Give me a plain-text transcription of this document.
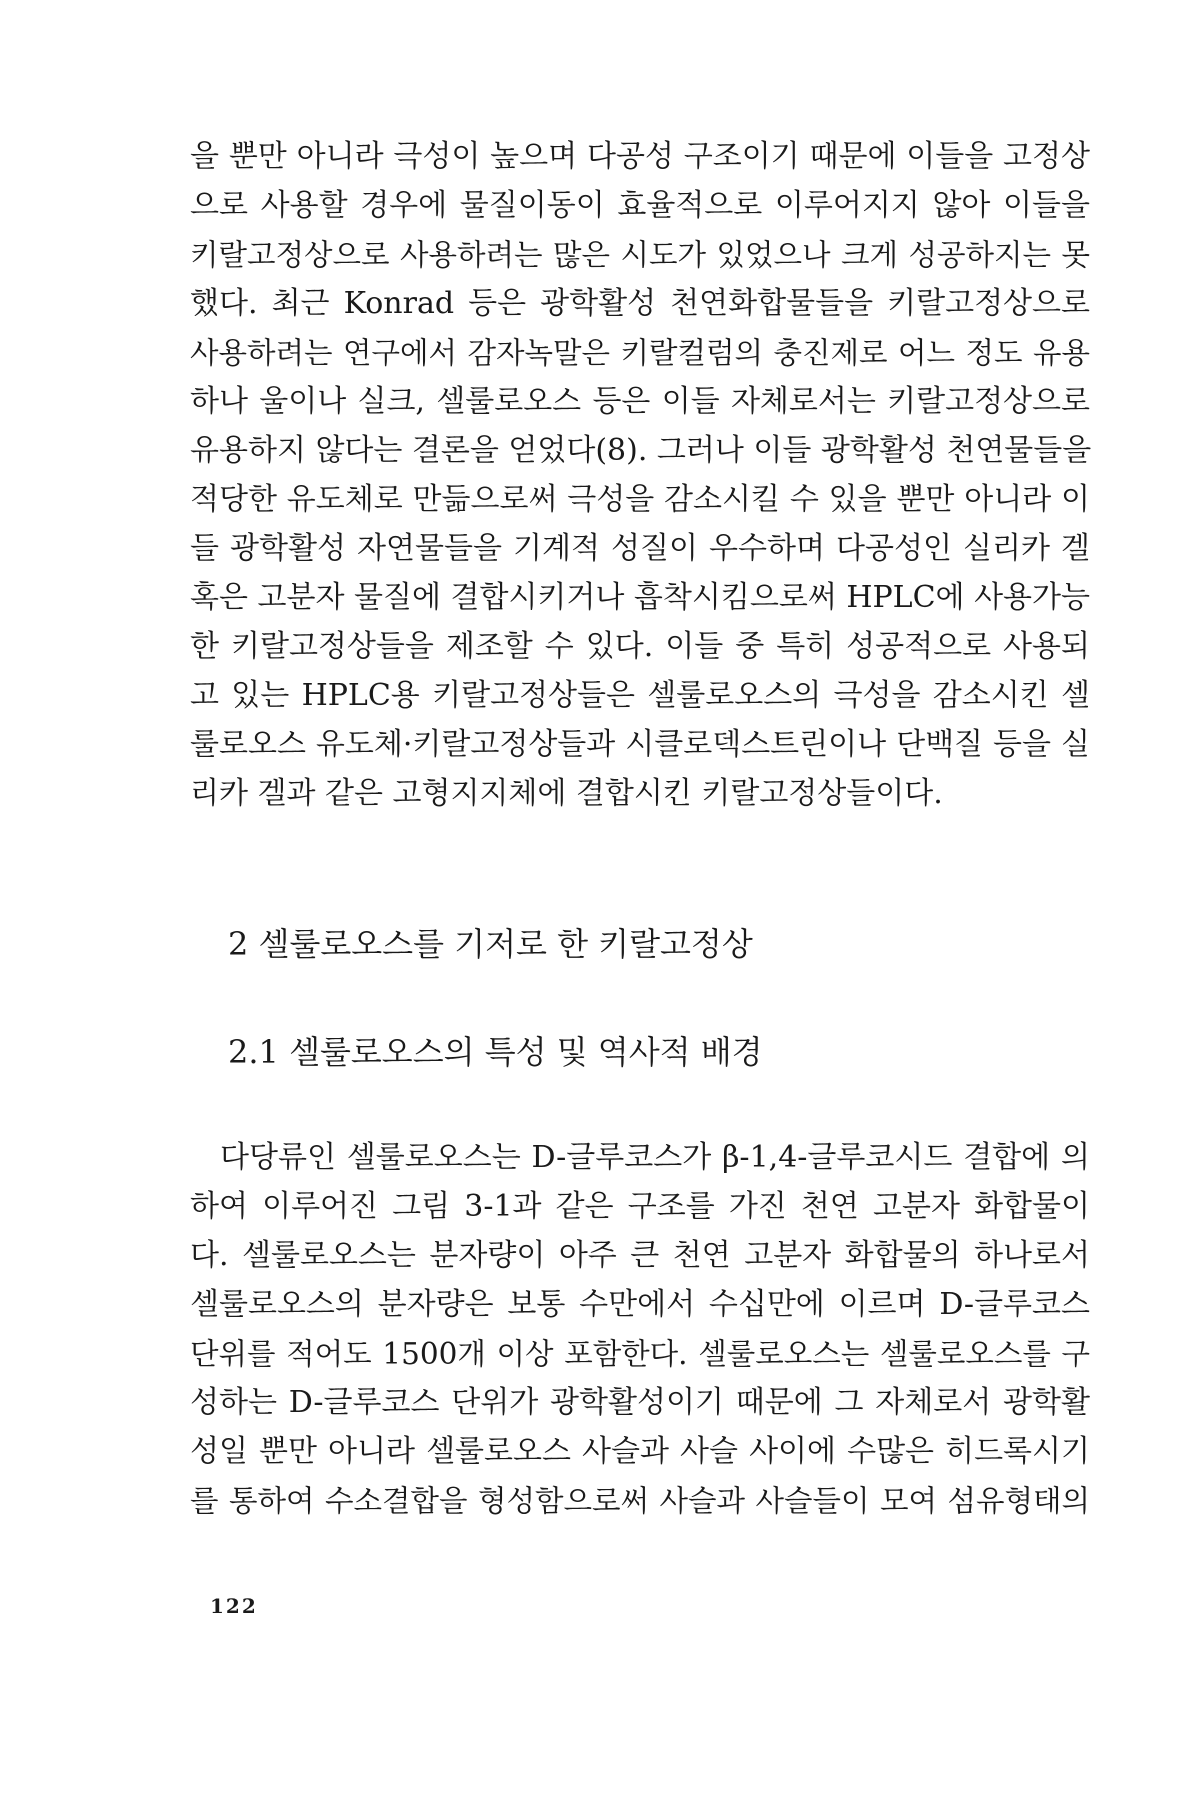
을 뿐만 아니라 극성이 높으며 다공성 구조이기 때문에 이들을 고정상
으로 사용할 경우에 물질이동이 효율적으로 이루어지지 않아 이들을
키랄고정상으로 사용하려는 많은 시도가 있었으나 크게 성공하지는 못
했다. 최근 Konrad 등은 광학활성 천연화합물들을 키랄고정상으로
사용하려는 연구에서 감자녹말은 키랄컬럼의 충진제로 어느 정도 유용
하나 울이나 실크, 셀룰로오스 등은 이들 자체로서는 키랄고정상으로
유용하지 않다는 결론을 얻었다(8). 그러나 이들 광학활성 천연물들을
적당한 유도체로 만듦으로써 극성을 감소시킬 수 있을 뿐만 아니라 이
들 광학활성 자연물들을 기계적 성질이 우수하며 다공성인 실리카 겔
혹은 고분자 물질에 결합시키거나 흡착시킴으로써 HPLC에 사용가능
한 키랄고정상들을 제조할 수 있다. 이들 중 특히 성공적으로 사용되
고 있는 HPLC용 키랄고정상들은 셀룰로오스의 극성을 감소시킨 셀
룰로오스 유도체·키랄고정상들과 시클로덱스트린이나 단백질 등을 실
리카 겔과 같은 고형지지체에 결합시킨 키랄고정상들이다.
2 셀룰로오스를 기저로 한 키랄고정상
2.1 셀룰로오스의 특성 및 역사적 배경
다당류인 셀룰로오스는 D-글루코스가 β-1,4-글루코시드 결합에 의
하여 이루어진 그림 3-1과 같은 구조를 가진 천연 고분자 화합물이
다. 셀룰로오스는 분자량이 아주 큰 천연 고분자 화합물의 하나로서
셀룰로오스의 분자량은 보통 수만에서 수십만에 이르며 D-글루코스
단위를 적어도 1500개 이상 포함한다. 셀룰로오스는 셀룰로오스를 구
성하는 D-글루코스 단위가 광학활성이기 때문에 그 자체로서 광학활
성일 뿐만 아니라 셀룰로오스 사슬과 사슬 사이에 수많은 히드록시기
를 통하여 수소결합을 형성함으로써 사슬과 사슬들이 모여 섬유형태의
122
